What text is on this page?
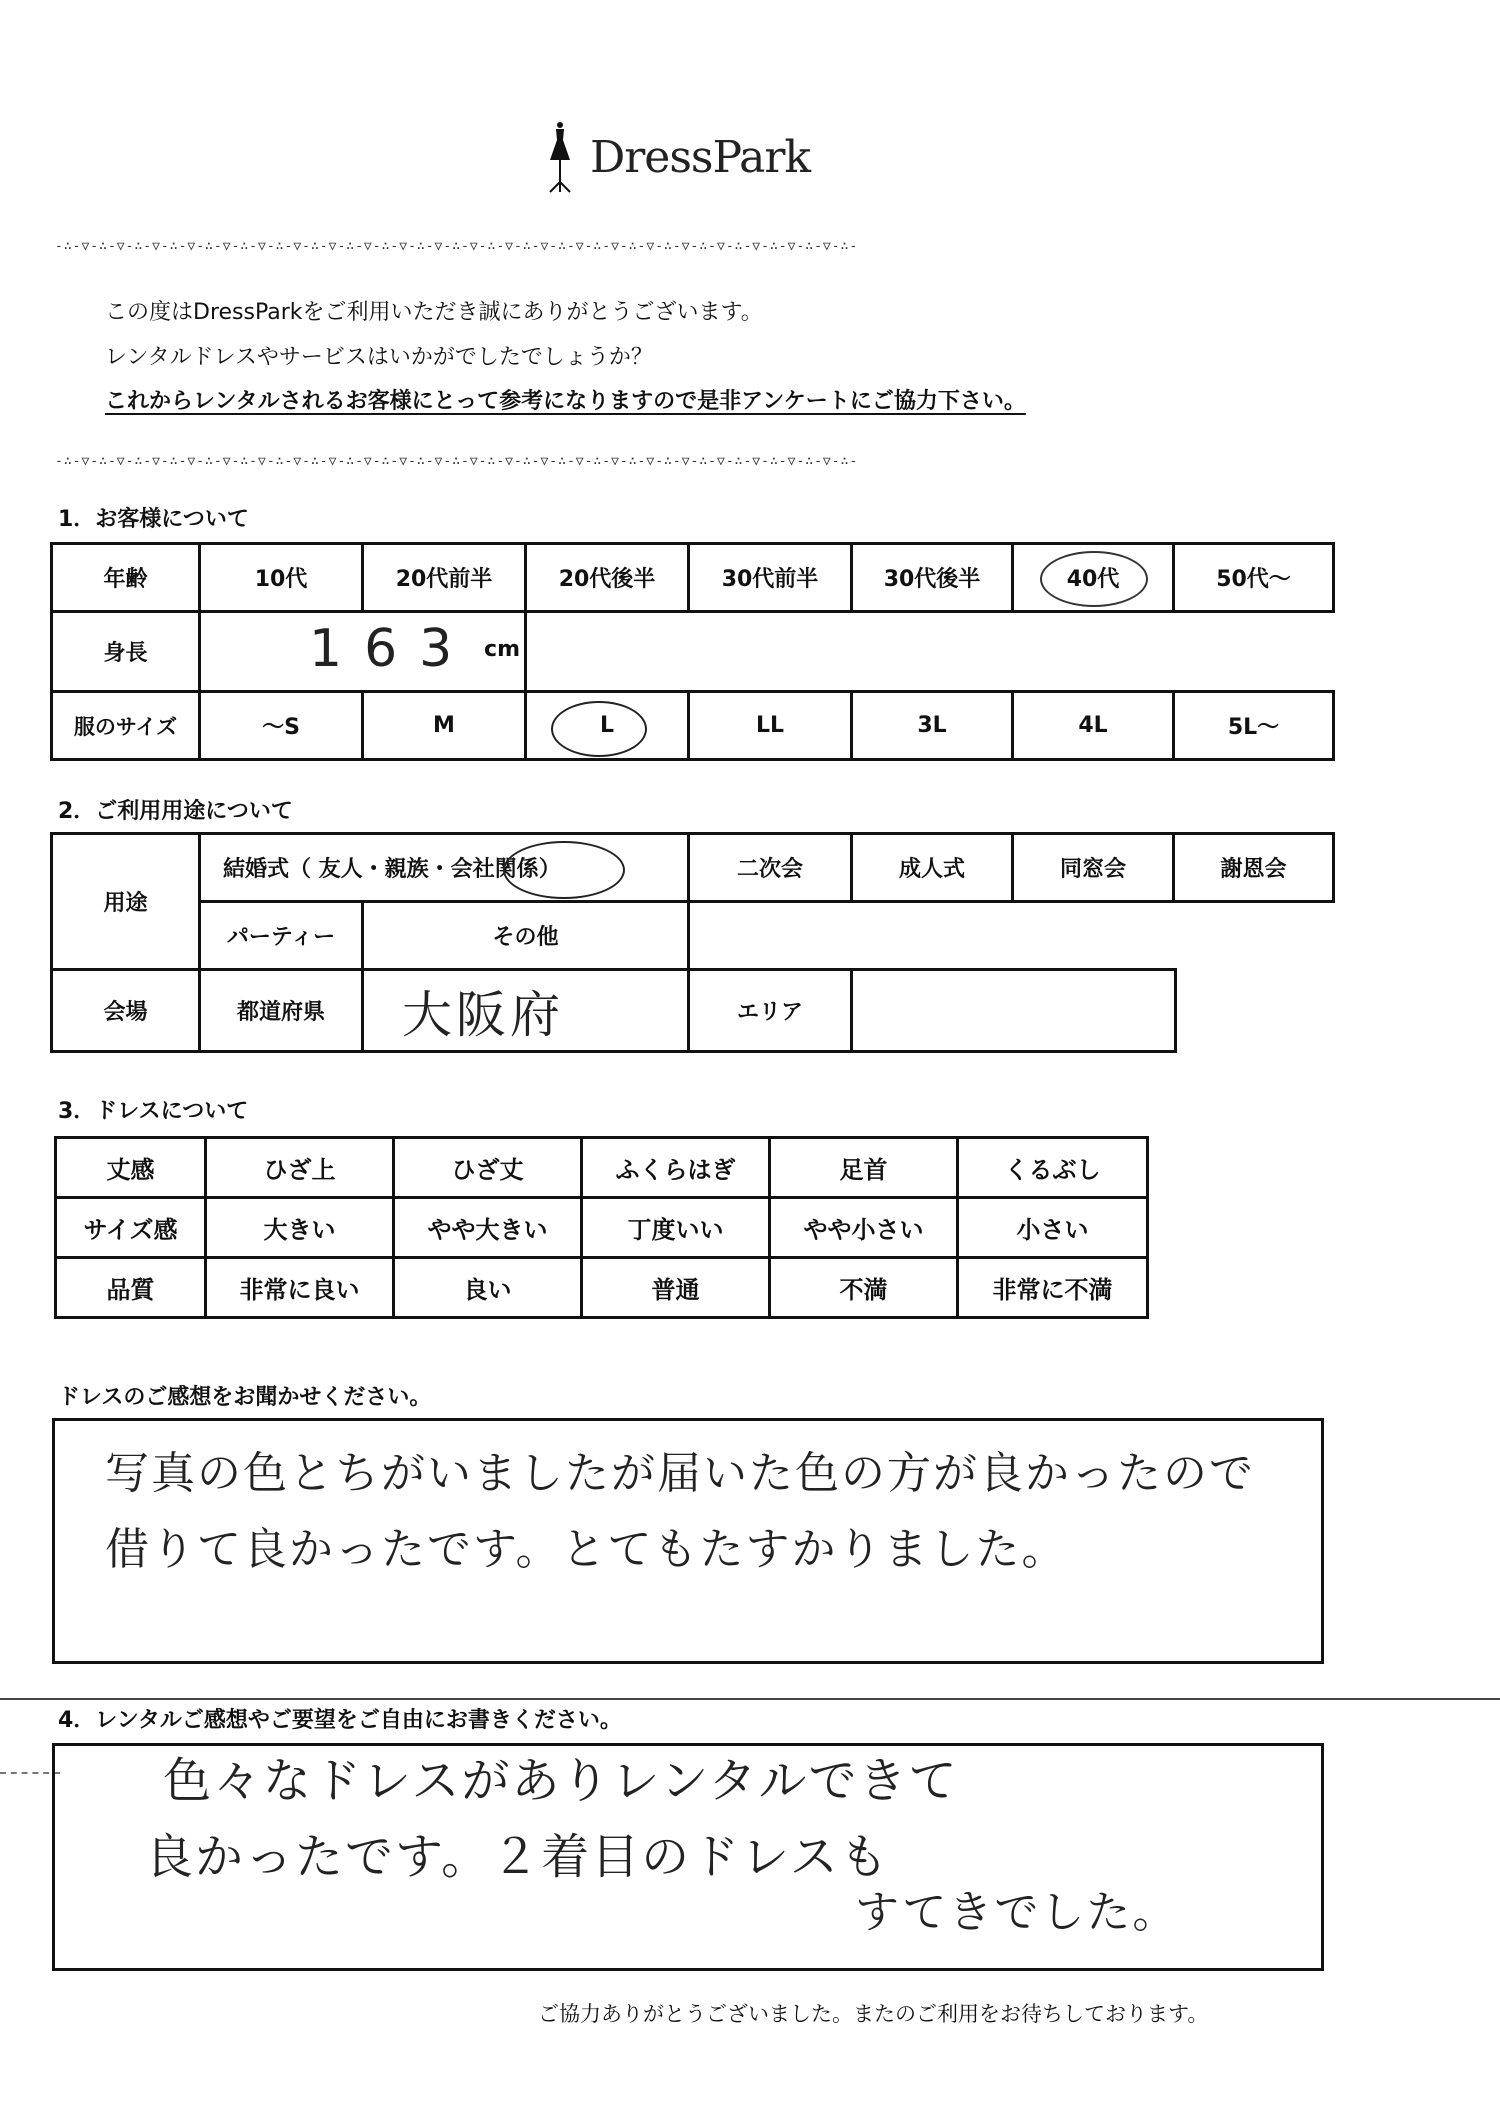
DressPark
-∴-▽-∴-▽-∴-▽-∴-▽-∴-▽-∴-▽-∴-▽-∴-▽-∴-▽-∴-▽-∴-▽-∴-▽-∴-▽-∴-▽-∴-▽-∴-▽-∴-▽-∴-▽-∴-▽-∴-▽-∴-▽-∴-▽-∴-
この度はDressParkをご利用いただき誠にありがとうございます。
レンタルドレスやサービスはいかがでしたでしょうか？
これからレンタルされるお客様にとって参考になりますので是非アンケートにご協力下さい。
-∴-▽-∴-▽-∴-▽-∴-▽-∴-▽-∴-▽-∴-▽-∴-▽-∴-▽-∴-▽-∴-▽-∴-▽-∴-▽-∴-▽-∴-▽-∴-▽-∴-▽-∴-▽-∴-▽-∴-▽-∴-▽-∴-▽-∴-
1．お客様について
年齢	10代	20代前半	20代後半	30代前半	30代後半	40代	50代〜
身長	163 cm						

服のサイズ	〜S	M	L	LL	3L	4L	5L〜
2．ご利用用途について
用途	結婚式（ 友人・親族・会社関係）		二次会	成人式	同窓会	謝恩会
	パーティー	その他				
会場	都道府県	大阪府	エリア	
3．ドレスについて
丈感	ひざ上	ひざ丈	ふくらはぎ	足首	くるぶし
サイズ感	大きい	やや大きい	丁度いい	やや小さい	小さい
品質	非常に良い	良い	普通	不満	非常に不満
ドレスのご感想をお聞かせください。
写真の色とちがいましたが届いた色の方が良かったので
借りて良かったです。とてもたすかりました。
4．レンタルご感想やご要望をご自由にお書きください。
色々なドレスがありレンタルできて
良かったです。２着目のドレスも
すてきでした。
ご協力ありがとうございました。またのご利用をお待ちしております。
